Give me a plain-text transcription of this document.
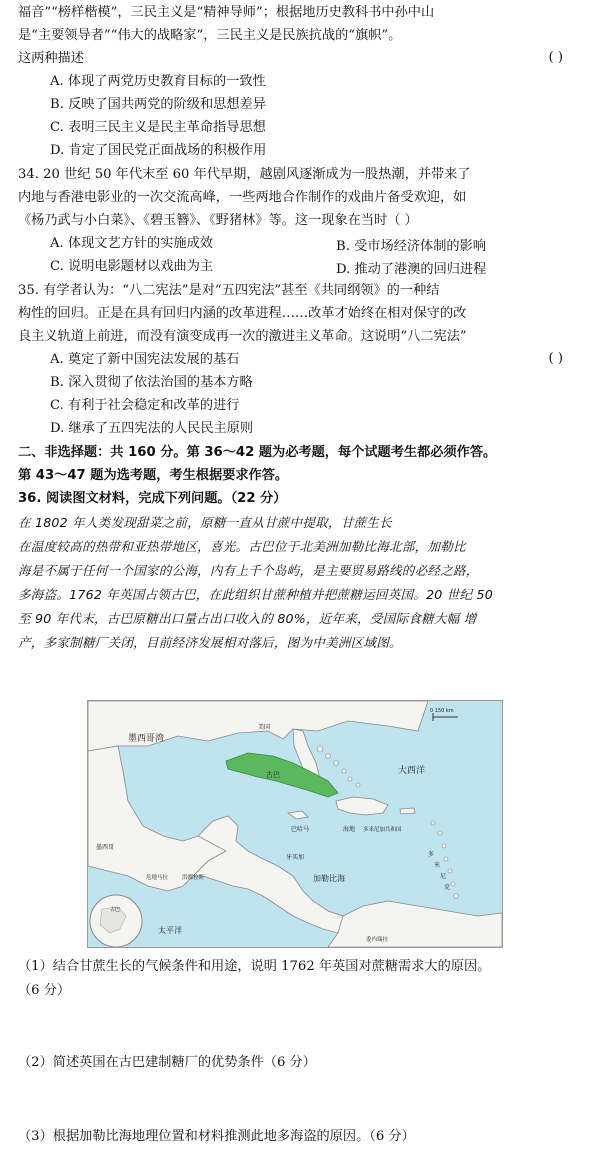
福音”“榜样楷模”，三民主义是“精神导师”；根据地历史教科书中孙中山
是“主要领导者”“伟大的战略家”，三民主义是民族抗战的“旗帜”。
这两种描述	( )
A. 体现了两党历史教育目标的一致性
B. 反映了国共两党的阶级和思想差异
C. 表明三民主义是民主革命指导思想
D. 肯定了国民党正面战场的积极作用
34. 20 世纪 50 年代末至 60 年代早期，越剧风逐渐成为一股热潮，并带来了
内地与香港电影业的一次交流高峰，一些两地合作制作的戏曲片备受欢迎，如
《杨乃武与小白菜》、《碧玉簪》、《野猪林》等。这一现象在当时（ ）
A. 体现文艺方针的实施成效	B. 受市场经济体制的影响
C. 说明电影题材以戏曲为主	D. 推动了港澳的回归进程
35. 有学者认为：“八二宪法”是对“五四宪法”甚至《共同纲领》的一种结
构性的回归。正是在具有回归内涵的改革进程……改革才始终在相对保守的改
良主义轨道上前进，而没有演变成再一次的激进主义革命。这说明“八二宪法”
( )
A. 奠定了新中国宪法发展的基石
B. 深入贯彻了依法治国的基本方略
C. 有利于社会稳定和改革的进行
D. 继承了五四宪法的人民民主原则
二、非选择题：共 160 分。第 36～42 题为必考题，每个试题考生都必须作答。
第 43～47 题为选考题，考生根据要求作答。
36. 阅读图文材料，完成下列问题。（22 分）
在 1802 年人类发现甜菜之前，原糖一直从甘蔗中提取，甘蔗生长
在温度较高的热带和亚热带地区，喜光。古巴位于北美洲加勒比海北部，加勒比
海是不属于任何一个国家的公海，内有上千个岛屿，是主要贸易路线的必经之路，
多海盗。1762 年英国占领古巴，在此组织甘蔗种植并把蔗糖运回英国。20 世纪 50
至 90 年代末，古巴原糖出口量占出口收入的 80%，近年来，受国际食糖大幅 增
产，多家制糖厂关闭，目前经济发展相对落后，图为中美洲区域图。
墨西哥湾
大西洋
加勒比海
太平洋
墨西哥
美国
巴哈马
古巴
牙买加
海地 多米尼加共和国
危地马拉	洪都拉斯
委内瑞拉
古巴
0 150 km
多
米
尼
克
（1）结合甘蔗生长的气候条件和用途，说明 1762 年英国对蔗糖需求大的原因。
（6 分）
（2）简述英国在古巴建制糖厂的优势条件（6 分）
（3）根据加勒比海地理位置和材料推测此地多海盗的原因。（6 分）
